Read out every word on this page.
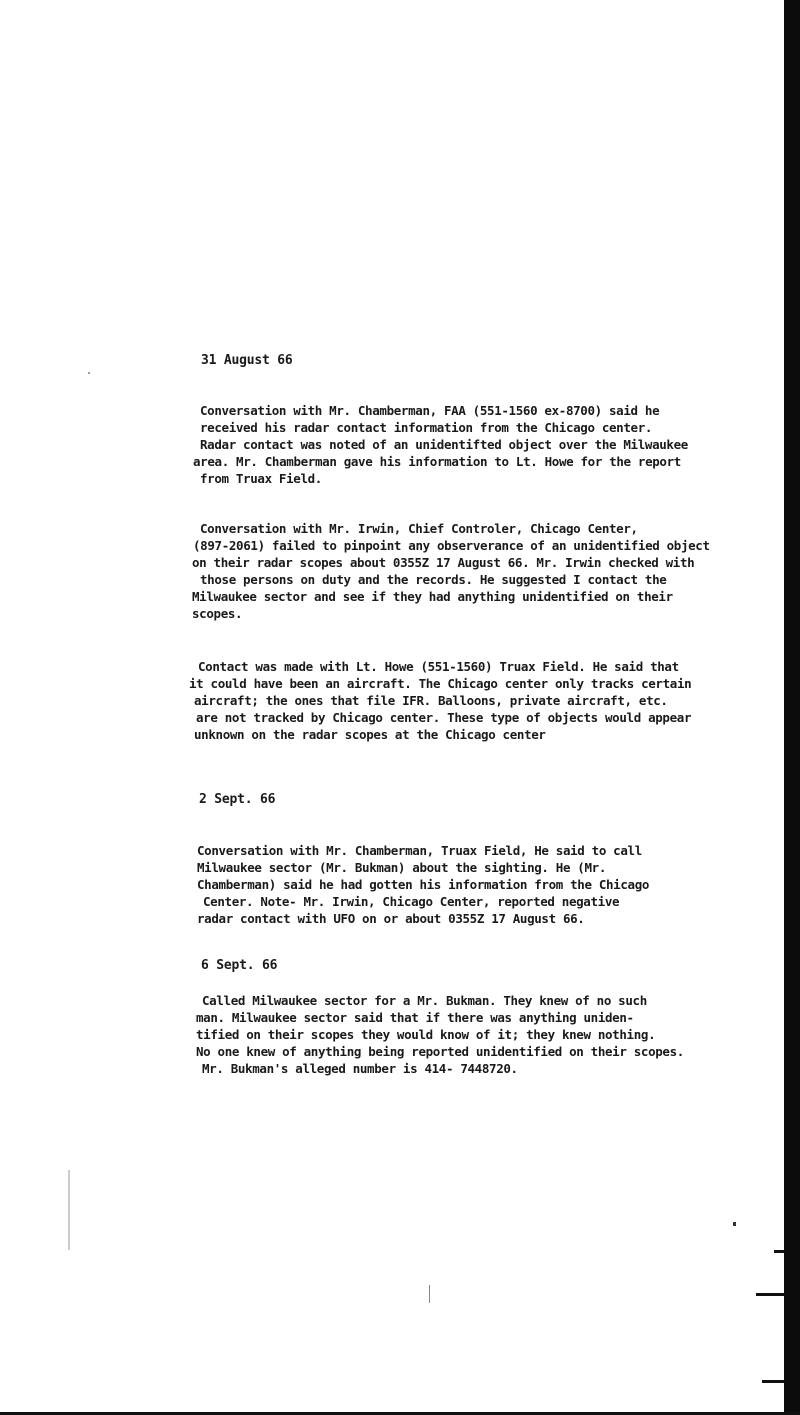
31 August 66
Conversation with Mr. Chamberman, FAA (551-1560 ex-8700) said he
received his radar contact information from the Chicago center.
Radar contact was noted of an unidentifted object over the Milwaukee
area. Mr. Chamberman gave his information to Lt. Howe for the report
from Truax Field.
Conversation with Mr. Irwin, Chief Controler, Chicago Center,
(897-2061) failed to pinpoint any observerance of an unidentified object
on their radar scopes about 0355Z 17 August 66. Mr. Irwin checked with
those persons on duty and the records. He suggested I contact the
Milwaukee sector and see if they had anything unidentified on their
scopes.
Contact was made with Lt. Howe (551-1560) Truax Field. He said that
it could have been an aircraft. The Chicago center only tracks certain
aircraft; the ones that file IFR. Balloons, private aircraft, etc.
are not tracked by Chicago center. These type of objects would appear
unknown on the radar scopes at the Chicago center
2 Sept. 66
Conversation with Mr. Chamberman, Truax Field, He said to call
Milwaukee sector (Mr. Bukman) about the sighting. He (Mr.
Chamberman) said he had gotten his information from the Chicago
Center. Note- Mr. Irwin, Chicago Center, reported negative
radar contact with UFO on or about 0355Z 17 August 66.
6 Sept. 66
Called Milwaukee sector for a Mr. Bukman. They knew of no such
man. Milwaukee sector said that if there was anything uniden-
tified on their scopes they would know of it; they knew nothing.
No one knew of anything being reported unidentified on their scopes.
Mr. Bukman's alleged number is 414- 7448720.
